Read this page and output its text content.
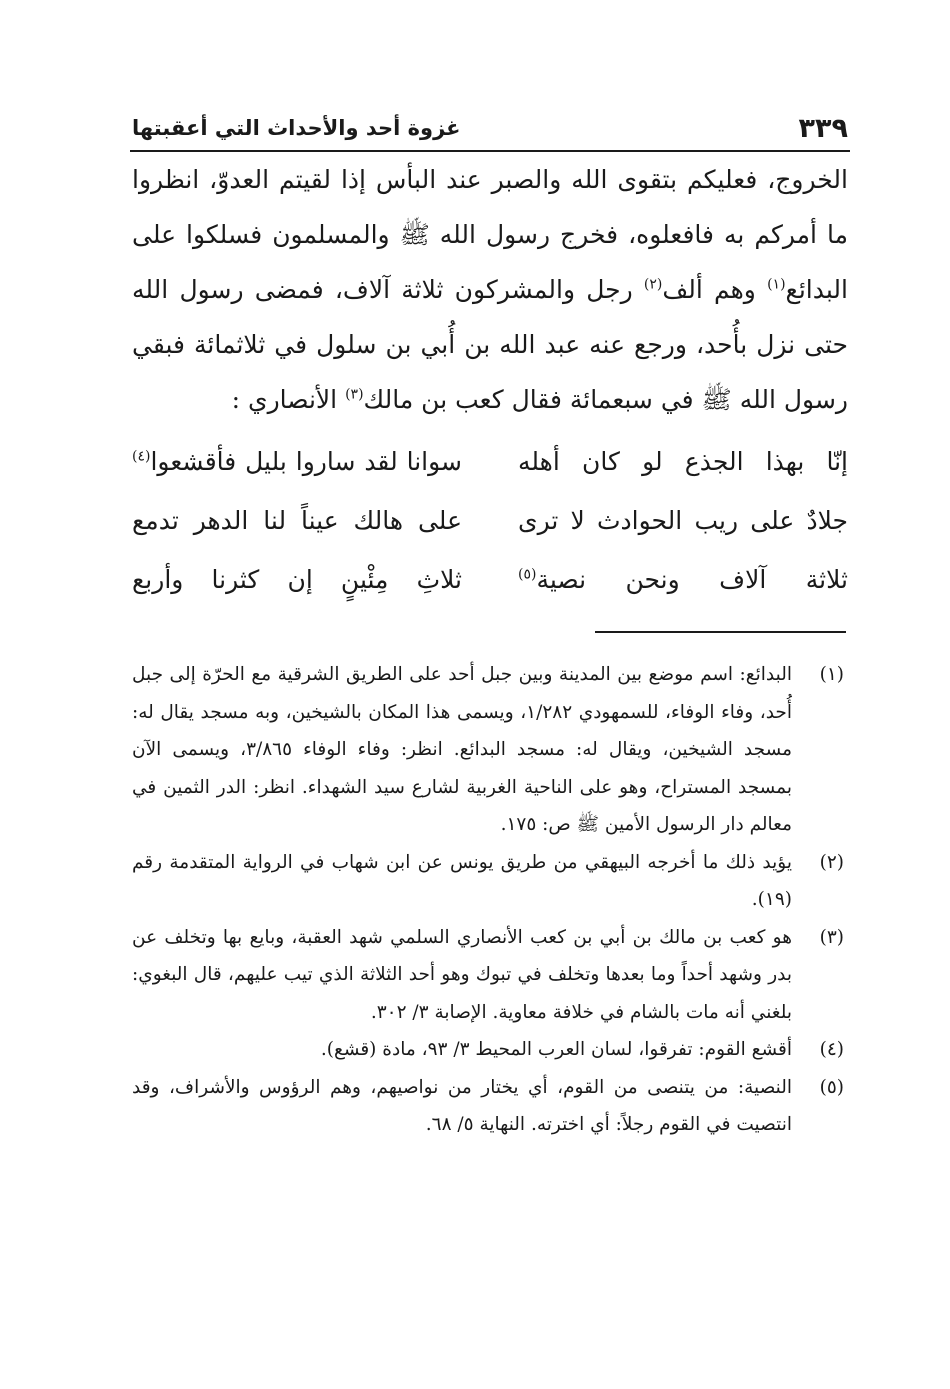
٣٣٩
غزوة أحد والأحداث التي أعقبتها

الخروج، فعليكم بتقوى الله والصبر عند البأس إذا لقيتم العدوّ، انظروا ما أمركم به فافعلوه، فخرج رسول الله ﷺ والمسلمون فسلكوا على البدائع$^{(١)}$ وهم ألف$^{(٢)}$ رجل والمشركون ثلاثة آلاف، فمضى رسول الله حتى نزل بأُحد، ورجع عنه عبد الله بن أُبي بن سلول في ثلاثمائة فبقي رسول الله ﷺ في سبعمائة فقال كعب بن مالك$^{(٣)}$ الأنصاري :

إنّا بهذا الجذع لو كان أهله
سوانا لقد ساروا بليل فأقشعوا$^{(٤)}$
جلادٌ على ريب الحوادث لا ترى
على هالك عيناً لنا الدهر تدمع
ثلاثة آلاف ونحن نصية$^{(٥)}$
ثلاثِ مِئْينٍ إن كثرنا وأربع
(١)
البدائع: اسم موضع بين المدينة وبين جبل أحد على الطريق الشرقية مع الحرّة إلى جبل أُحد، وفاء الوفاء، للسمهودي ١/٢٨٢، ويسمى هذا المكان بالشيخين، وبه مسجد يقال له: مسجد الشيخين، ويقال له: مسجد البدائع. انظر: وفاء الوفاء ٣/٨٦٥، ويسمى الآن بمسجد المستراح، وهو على الناحية الغربية لشارع سيد الشهداء. انظر: الدر الثمين في معالم دار الرسول الأمين ﷺ ص: ١٧٥.
(٢)
يؤيد ذلك ما أخرجه البيهقي من طريق يونس عن ابن شهاب في الرواية المتقدمة رقم (١٩).
(٣)
هو كعب بن مالك بن أبي بن كعب الأنصاري السلمي شهد العقبة، وبايع بها وتخلف عن بدر وشهد أحداً وما بعدها وتخلف في تبوك وهو أحد الثلاثة الذي تيب عليهم، قال البغوي: بلغني أنه مات بالشام في خلافة معاوية. الإصابة ٣/ ٣٠٢.
(٤)
أقشع القوم: تفرقوا، لسان العرب المحيط ٣/ ٩٣، مادة (قشع).
(٥)
النصية: من يتنصى من القوم، أي يختار من نواصيهم، وهم الرؤوس والأشراف، وقد انتصيت في القوم رجلاً: أي اخترته. النهاية ٥/ ٦٨.
